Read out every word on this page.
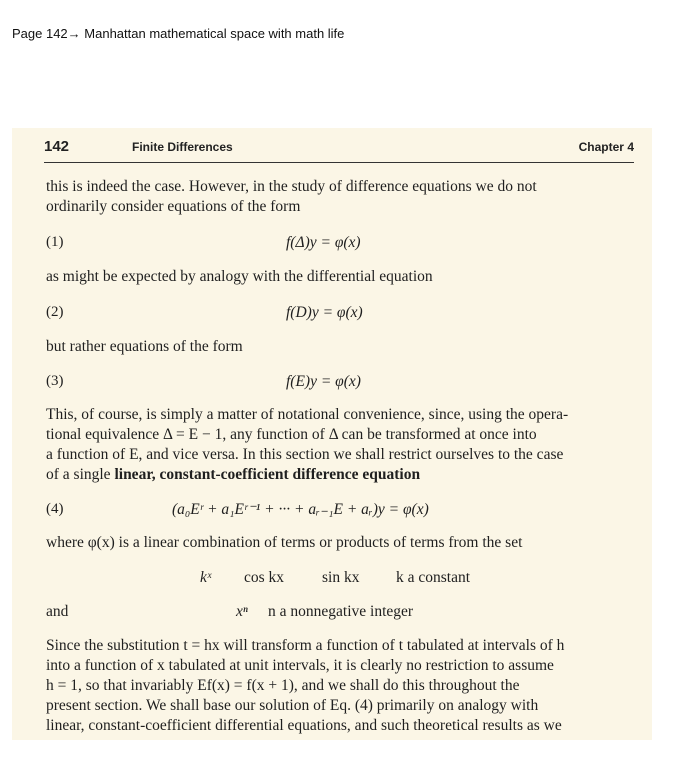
Page 142→ Manhattan mathematical space with math life
142	Finite Differences	Chapter 4
this is indeed the case. However, in the study of difference equations we do not
ordinarily consider equations of the form
(1)	f(Δ)y = φ(x)
as might be expected by analogy with the differential equation
(2)	f(D)y = φ(x)
but rather equations of the form
(3)	f(E)y = φ(x)
This, of course, is simply a matter of notational convenience, since, using the opera-
tional equivalence Δ = E − 1, any function of Δ can be transformed at once into
a function of E, and vice versa. In this section we shall restrict ourselves to the case
of a single linear, constant-coefficient difference equation
(4)	(a₀Eʳ + a₁Eʳ⁻¹ + ··· + aᵣ₋₁E + aᵣ)y = φ(x)
where φ(x) is a linear combination of terms or products of terms from the set
kˣ cos kx sin kx k a constant
and	xⁿ n a nonnegative integer
Since the substitution t = hx will transform a function of t tabulated at intervals of h
into a function of x tabulated at unit intervals, it is clearly no restriction to assume
h = 1, so that invariably Ef(x) = f(x + 1), and we shall do this throughout the
present section. We shall base our solution of Eq. (4) primarily on analogy with
linear, constant-coefficient differential equations, and such theoretical results as we
